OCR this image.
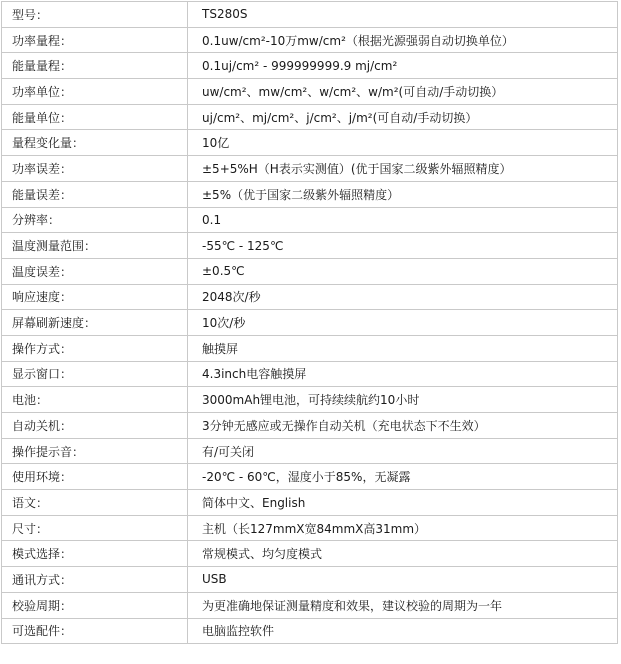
型号：	TS280S
功率量程：	0.1uw/cm²-10万mw/cm²（根据光源强弱自动切换单位）
能量量程：	0.1uj/cm² - 999999999.9 mj/cm²
功率单位：	uw/cm²、mw/cm²、w/cm²、w/m²(可自动/手动切换）
能量单位：	uj/cm²、mj/cm²、j/cm²、j/m²(可自动/手动切换）
量程变化量：	10亿
功率误差：	±5+5%H（H表示实测值）(优于国家二级紫外辐照精度）
能量误差：	±5%（优于国家二级紫外辐照精度）
分辨率：	0.1
温度测量范围：	-55℃ - 125℃
温度误差：	±0.5℃
响应速度：	2048次/秒
屏幕刷新速度：	10次/秒
操作方式：	触摸屏
显示窗口：	4.3inch电容触摸屏
电池：	3000mAh锂电池，可持续续航约10小时
自动关机：	3分钟无感应或无操作自动关机（充电状态下不生效）
操作提示音：	有/可关闭
使用环境：	-20℃ - 60℃，湿度小于85%，无凝露
语文：	简体中文、English
尺寸：	主机（长127mmX宽84mmX高31mm）
模式选择：	常规模式、均匀度模式
通讯方式：	USB
校验周期：	为更准确地保证测量精度和效果，建议校验的周期为一年
可选配件：	电脑监控软件
